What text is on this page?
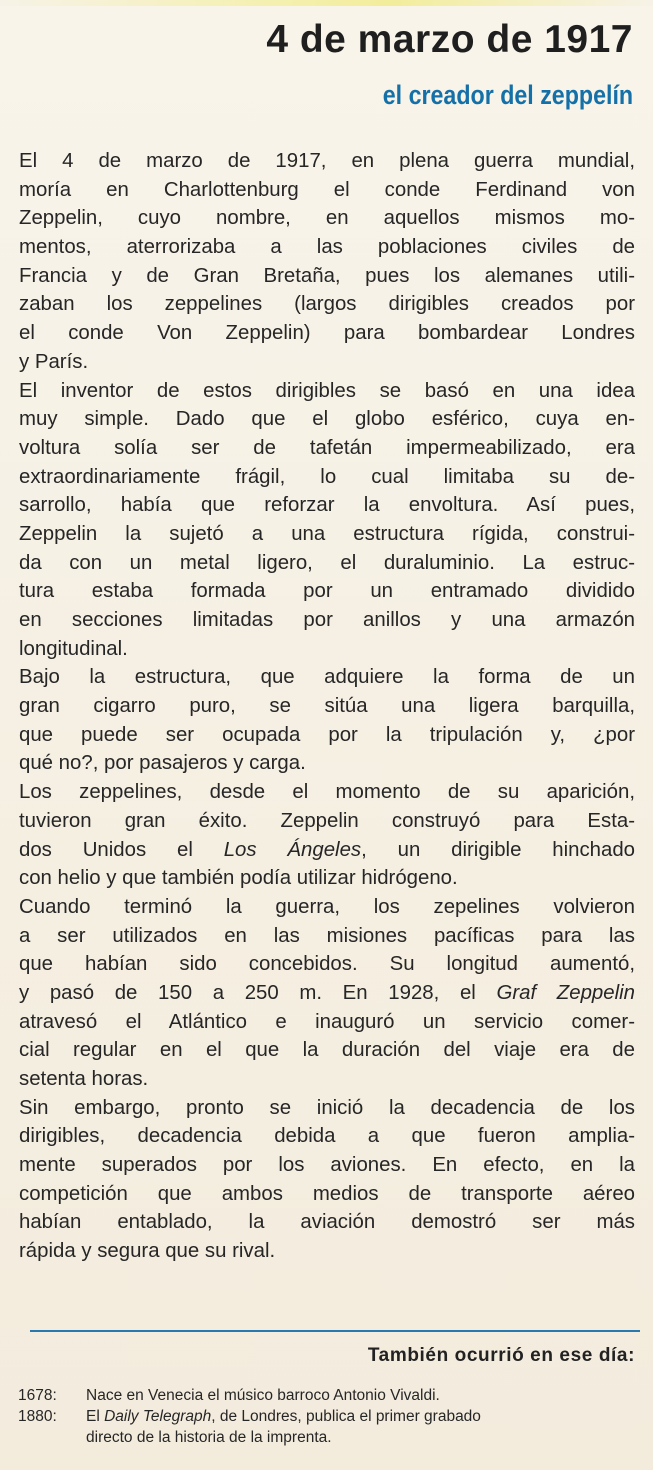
4 de marzo de 1917
el creador del zeppelín
El 4 de marzo de 1917, en plena guerra mundial,
moría en Charlottenburg el conde Ferdinand von
Zeppelin, cuyo nombre, en aquellos mismos mo-
mentos, aterrorizaba a las poblaciones civiles de
Francia y de Gran Bretaña, pues los alemanes utili-
zaban los zeppelines (largos dirigibles creados por
el conde Von Zeppelin) para bombardear Londres
y París.
El inventor de estos dirigibles se basó en una idea
muy simple. Dado que el globo esférico, cuya en-
voltura solía ser de tafetán impermeabilizado, era
extraordinariamente frágil, lo cual limitaba su de-
sarrollo, había que reforzar la envoltura. Así pues,
Zeppelin la sujetó a una estructura rígida, construi-
da con un metal ligero, el duraluminio. La estruc-
tura estaba formada por un entramado dividido
en secciones limitadas por anillos y una armazón
longitudinal.
Bajo la estructura, que adquiere la forma de un
gran cigarro puro, se sitúa una ligera barquilla,
que puede ser ocupada por la tripulación y, ¿por
qué no?, por pasajeros y carga.
Los zeppelines, desde el momento de su aparición,
tuvieron gran éxito. Zeppelin construyó para Esta-
dos Unidos el Los Ángeles, un dirigible hinchado
con helio y que también podía utilizar hidrógeno.
Cuando terminó la guerra, los zepelines volvieron
a ser utilizados en las misiones pacíficas para las
que habían sido concebidos. Su longitud aumentó,
y pasó de 150 a 250 m. En 1928, el Graf Zeppelin
atravesó el Atlántico e inauguró un servicio comer-
cial regular en el que la duración del viaje era de
setenta horas.
Sin embargo, pronto se inició la decadencia de los
dirigibles, decadencia debida a que fueron amplia-
mente superados por los aviones. En efecto, en la
competición que ambos medios de transporte aéreo
habían entablado, la aviación demostró ser más
rápida y segura que su rival.
También ocurrió en ese día:
1678:	Nace en Venecia el músico barroco Antonio Vivaldi.
1880:	El Daily Telegraph, de Londres, publica el primer grabado
directo de la historia de la imprenta.
